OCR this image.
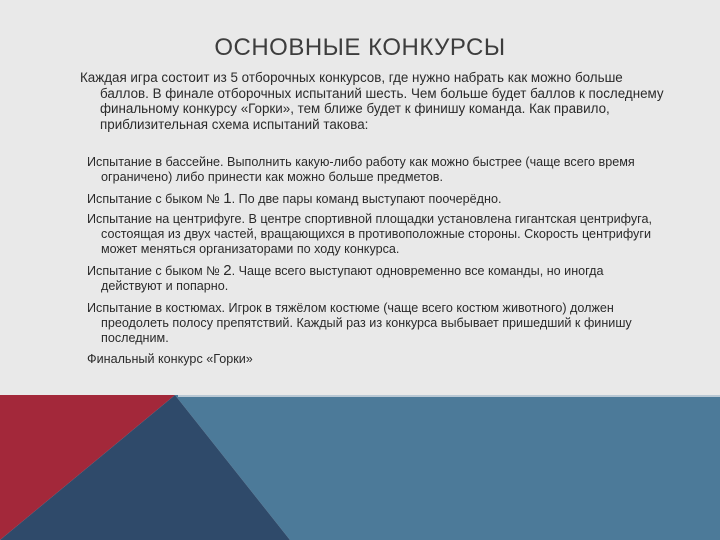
ОСНОВНЫЕ КОНКУРСЫ
Каждая игра состоит из 5 отборочных конкурсов, где нужно набрать как можно больше баллов. В финале отборочных испытаний шесть. Чем больше будет баллов к последнему финальному конкурсу «Горки», тем ближе будет к финишу команда. Как правило, приблизительная схема испытаний такова:
Испытание в бассейне. Выполнить какую-либо работу как можно быстрее (чаще всего время ограничено) либо принести как можно больше предметов.
Испытание с быком № 1. По две пары команд выступают поочерёдно.
Испытание на центрифуге. В центре спортивной площадки установлена гигантская центрифуга, состоящая из двух частей, вращающихся в противоположные стороны. Скорость центрифуги может меняться организаторами по ходу конкурса.
Испытание с быком № 2. Чаще всего выступают одновременно все команды, но иногда действуют и попарно.
Испытание в костюмах. Игрок в тяжёлом костюме (чаще всего костюм животного) должен преодолеть полосу препятствий. Каждый раз из конкурса выбывает пришедший к финишу последним.
Финальный конкурс «Горки»
